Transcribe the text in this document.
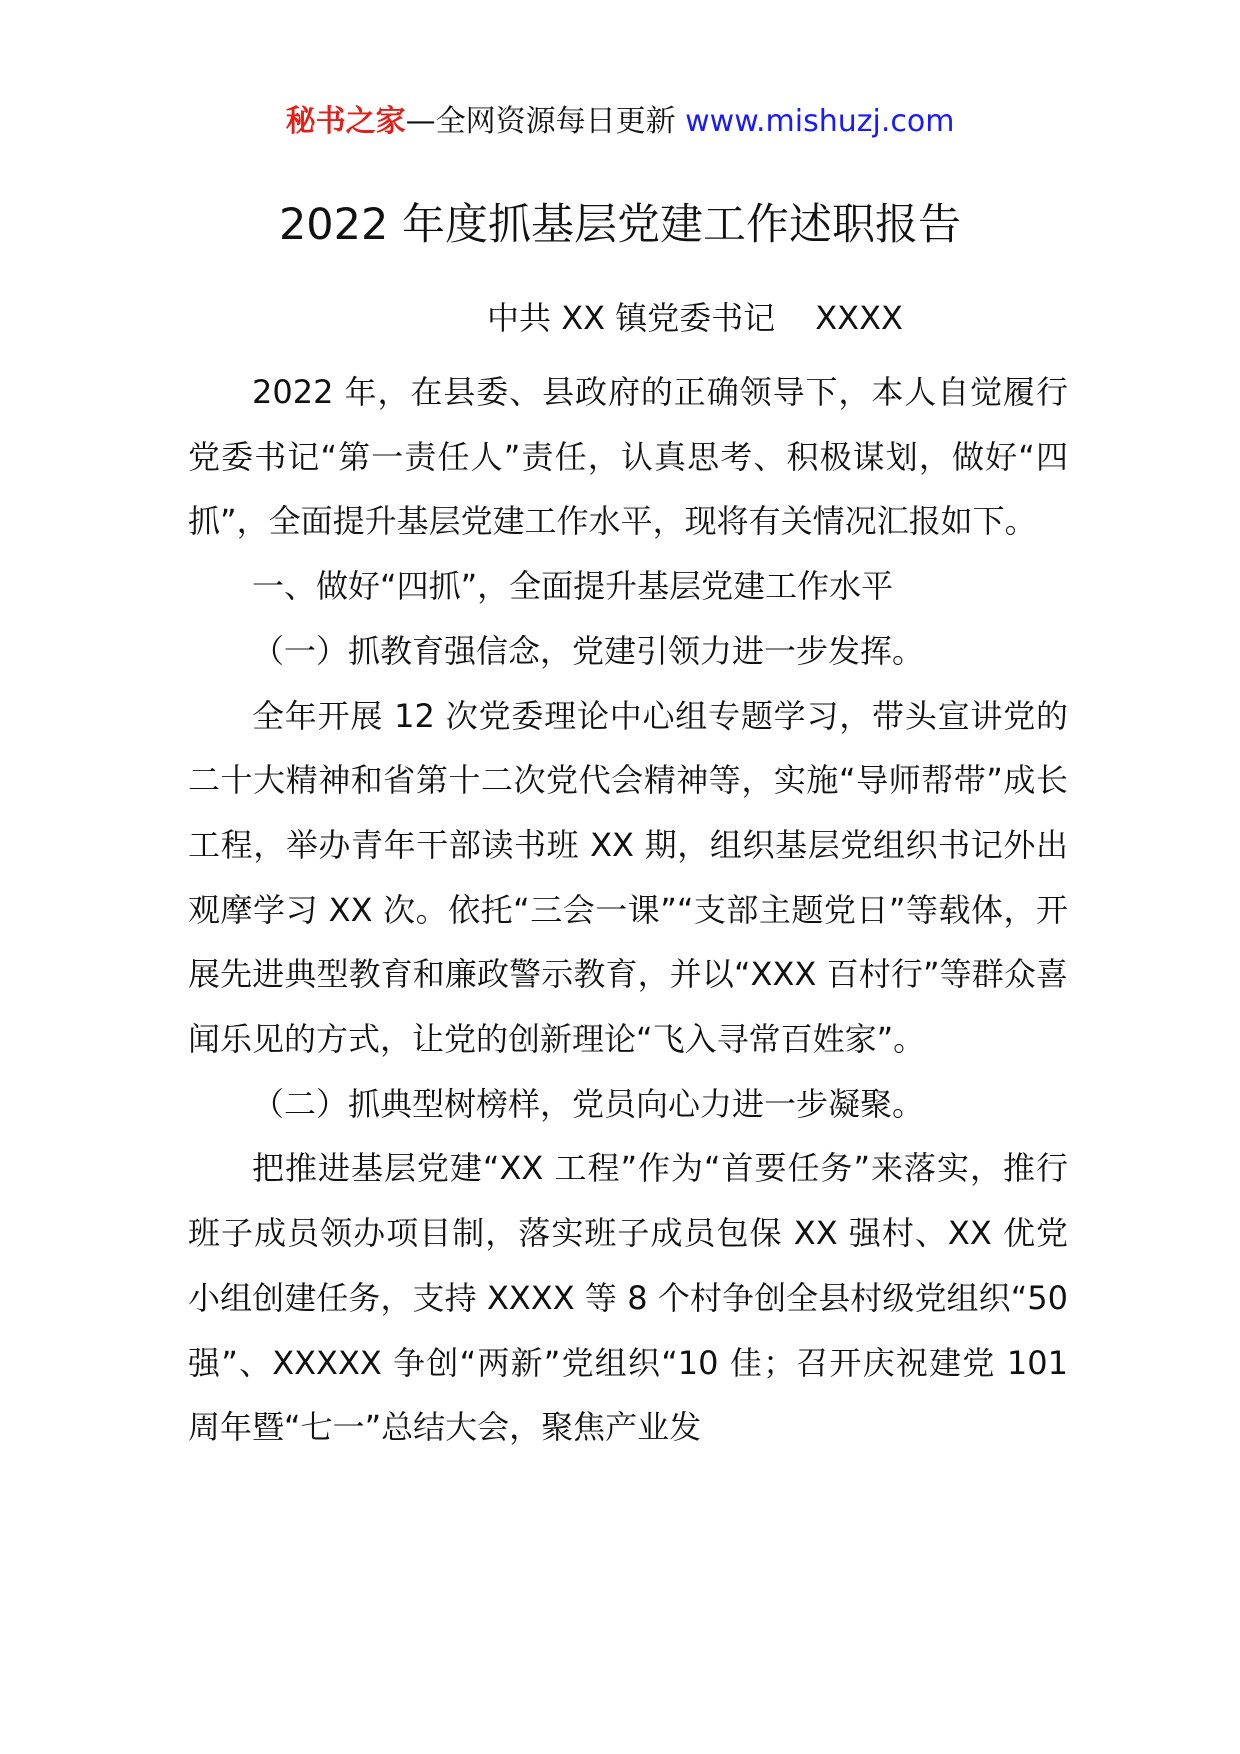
秘书之家—全网资源每日更新 www.mishuzj.com
2022 年度抓基层党建工作述职报告
中共 XX 镇党委书记 XXXX

2022 年，在县委、县政府的正确领导下，本人自觉履行党委书记“第一责任人”责任，认真思考、积极谋划，做好“四抓”，全面提升基层党建工作水平，现将有关情况汇报如下。

一、做好“四抓”，全面提升基层党建工作水平

（一）抓教育强信念，党建引领力进一步发挥。

全年开展 12 次党委理论中心组专题学习，带头宣讲党的二十大精神和省第十二次党代会精神等，实施“导师帮带”成长工程，举办青年干部读书班 XX 期，组织基层党组织书记外出观摩学习 XX 次。依托“三会一课”“支部主题党日”等载体，开展先进典型教育和廉政警示教育，并以“XXX 百村行”等群众喜闻乐见的方式，让党的创新理论“飞入寻常百姓家”。

（二）抓典型树榜样，党员向心力进一步凝聚。

把推进基层党建“XX 工程”作为“首要任务”来落实，推行班子成员领办项目制，落实班子成员包保 XX 强村、XX 优党小组创建任务，支持 XXXX 等 8 个村争创全县村级党组织“50 强”、XXXXX 争创“两新”党组织“10 佳；召开庆祝建党 101 周年暨“七一”总结大会，聚焦产业发
